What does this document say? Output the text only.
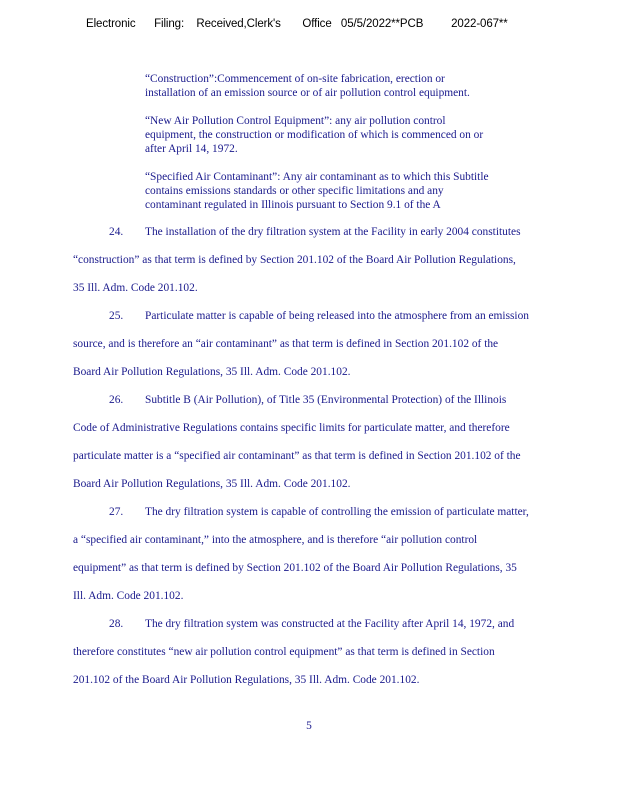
Electronic      Filing:    Received,Clerk's       Office   05/5/2022**PCB         2022-067**
“Construction”:Commencement of on-site fabrication, erection or
installation of an emission source or of air pollution control equipment.
“New Air Pollution Control Equipment”: any air pollution control
equipment, the construction or modification of which is commenced on or
after April 14, 1972.
“Specified Air Contaminant”: Any air contaminant as to which this Subtitle
contains emissions standards or other specific limitations and any
contaminant regulated in Illinois pursuant to Section 9.1 of the A
24. The installation of the dry filtration system at the Facility in early 2004 constitutes
“construction” as that term is defined by Section 201.102 of the Board Air Pollution Regulations,
35 Ill. Adm. Code 201.102.
25. Particulate matter is capable of being released into the atmosphere from an emission
source, and is therefore an “air contaminant” as that term is defined in Section 201.102 of the
Board Air Pollution Regulations, 35 Ill. Adm. Code 201.102.
26. Subtitle B (Air Pollution), of Title 35 (Environmental Protection) of the Illinois
Code of Administrative Regulations contains specific limits for particulate matter, and therefore
particulate matter is a “specified air contaminant” as that term is defined in Section 201.102 of the
Board Air Pollution Regulations, 35 Ill. Adm. Code 201.102.
27. The dry filtration system is capable of controlling the emission of particulate matter,
a “specified air contaminant,” into the atmosphere, and is therefore “air pollution control
equipment” as that term is defined by Section 201.102 of the Board Air Pollution Regulations, 35
Ill. Adm. Code 201.102.
28. The dry filtration system was constructed at the Facility after April 14, 1972, and
therefore constitutes “new air pollution control equipment” as that term is defined in Section
201.102 of the Board Air Pollution Regulations, 35 Ill. Adm. Code 201.102.
5
